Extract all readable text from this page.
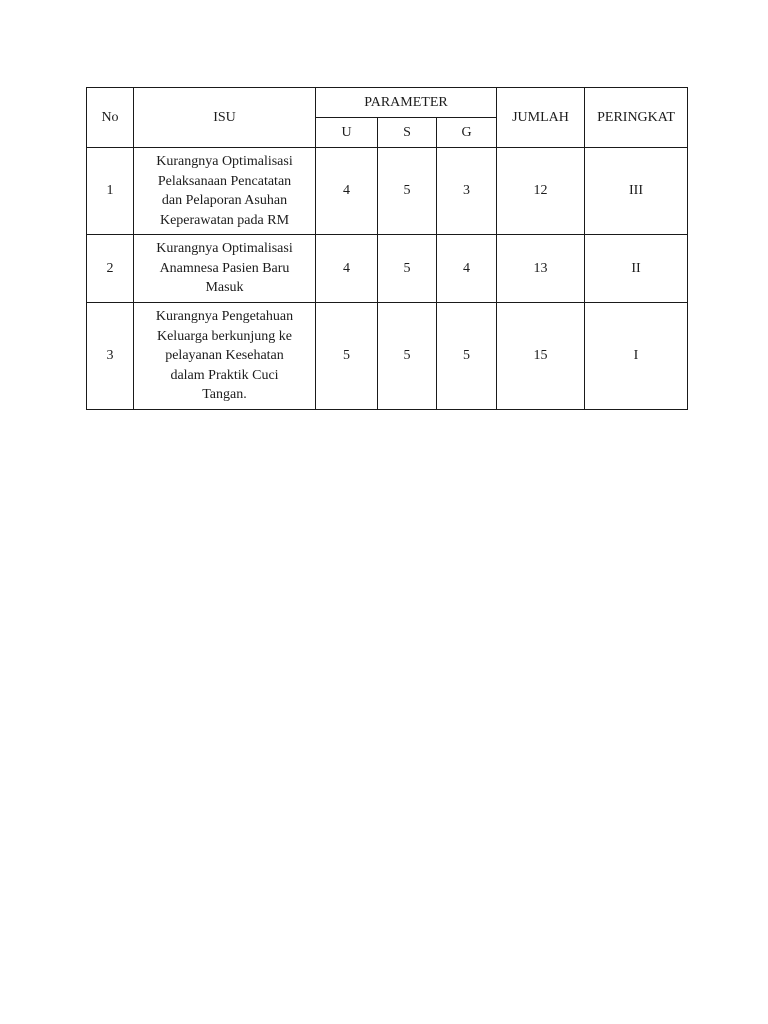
No	ISU	PARAMETER			JUMLAH	PERINGKAT
		U	S	G		
1	Kurangnya Optimalisasi
Pelaksanaan Pencatatan
dan Pelaporan Asuhan
Keperawatan pada RM	4	5	3	12	III
2	Kurangnya Optimalisasi
Anamnesa Pasien Baru
Masuk	4	5	4	13	II
3	Kurangnya Pengetahuan
Keluarga berkunjung ke
pelayanan Kesehatan
dalam Praktik Cuci
Tangan.	5	5	5	15	I
